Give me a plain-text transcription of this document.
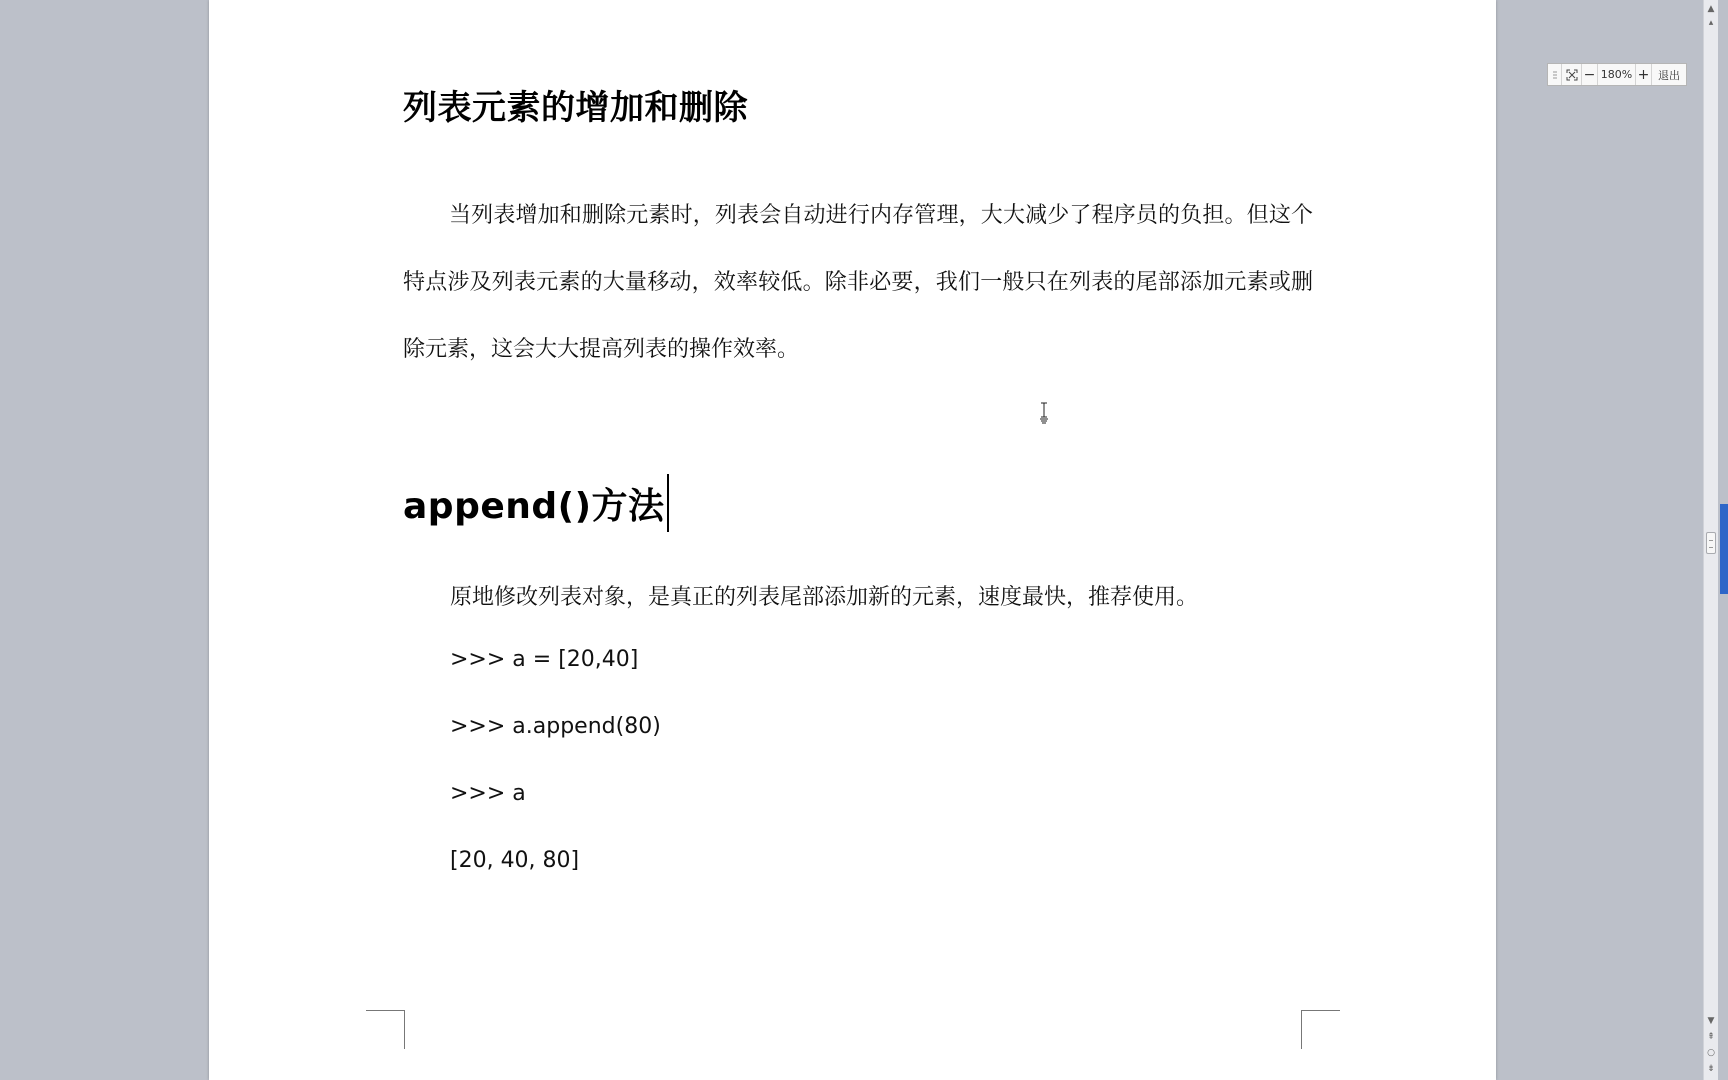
列表元素的增加和删除

当列表增加和删除元素时，列表会自动进行内存管理，大大减少了程序员的负担。但这个特点涉及列表元素的大量移动，效率较低。除非必要，我们一般只在列表的尾部添加元素或删除元素，这会大大提高列表的操作效率。

append()方法

原地修改列表对象，是真正的列表尾部添加新的元素，速度最快，推荐使用。

>>> a = [20,40]

>>> a.append(80)

>>> a

[20, 40, 80]

− 180% + 退出
▲
▴
▼
⇞
○
⇟
